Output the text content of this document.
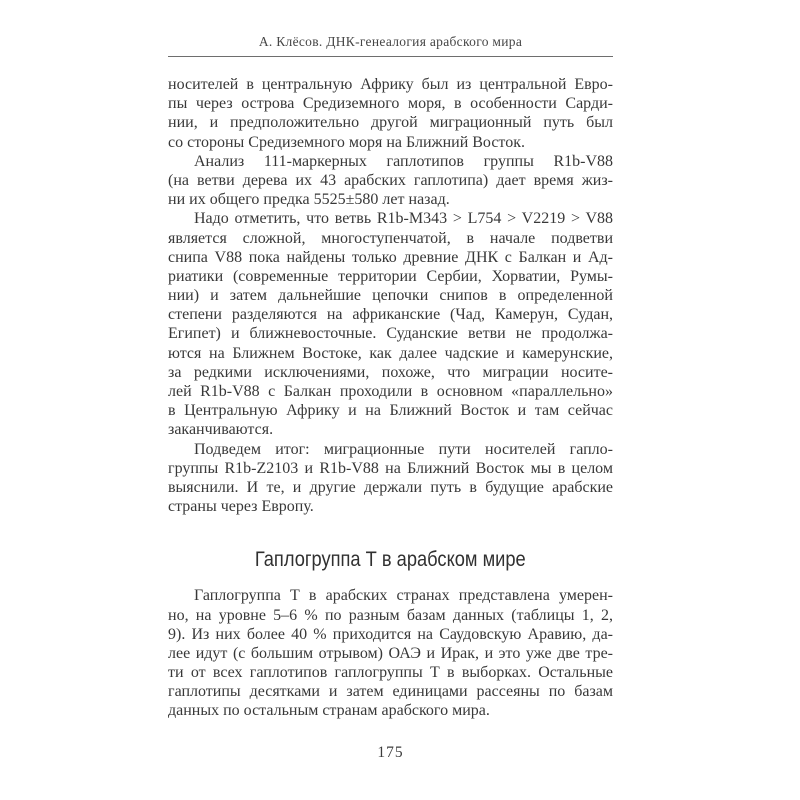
А. Клёсов. ДНК-генеалогия арабского мира
носителей в центральную Африку был из центральной Евро-
пы через острова Средиземного моря, в особенности Сарди-
нии, и предположительно другой миграционный путь был
со стороны Средиземного моря на Ближний Восток.
Анализ 111-маркерных гаплотипов группы R1b-V88
(на ветви дерева их 43 арабских гаплотипа) дает время жиз-
ни их общего предка 5525±580 лет назад.
Надо отметить, что ветвь R1b-M343 > L754 > V2219 > V88
является сложной, многоступенчатой, в начале подветви
снипа V88 пока найдены только древние ДНК с Балкан и Ад-
риатики (современные территории Сербии, Хорватии, Румы-
нии) и затем дальнейшие цепочки снипов в определенной
степени разделяются на африканские (Чад, Камерун, Судан,
Египет) и ближневосточные. Суданские ветви не продолжа-
ются на Ближнем Востоке, как далее чадские и камерунские,
за редкими исключениями, похоже, что миграции носите-
лей R1b-V88 с Балкан проходили в основном «параллельно»
в Центральную Африку и на Ближний Восток и там сейчас
заканчиваются.
Подведем итог: миграционные пути носителей гапло-
группы R1b-Z2103 и R1b-V88 на Ближний Восток мы в целом
выяснили. И те, и другие держали путь в будущие арабские
страны через Европу.
Гаплогруппа Т в арабском мире
Гаплогруппа Т в арабских странах представлена умерен-
но, на уровне 5–6 % по разным базам данных (таблицы 1, 2,
9). Из них более 40 % приходится на Саудовскую Аравию, да-
лее идут (с большим отрывом) ОАЭ и Ирак, и это уже две тре-
ти от всех гаплотипов гаплогруппы Т в выборках. Остальные
гаплотипы десятками и затем единицами рассеяны по базам
данных по остальным странам арабского мира.
175
